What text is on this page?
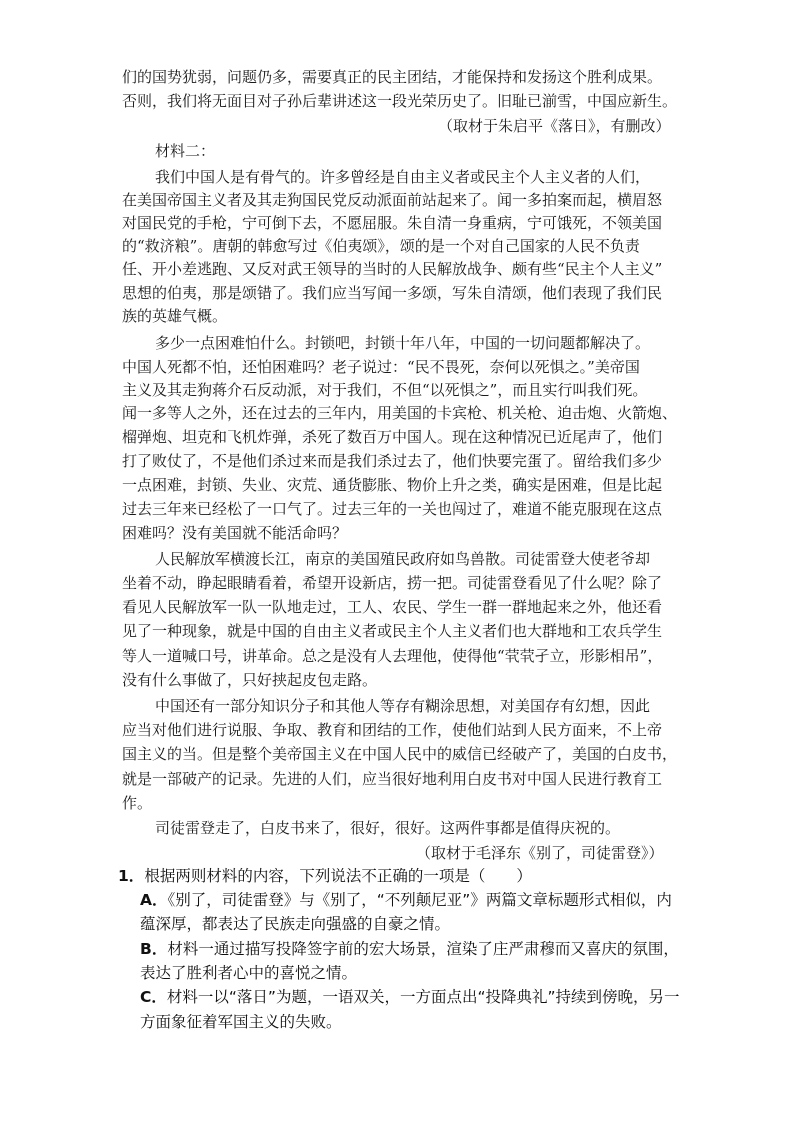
们的国势犹弱，问题仍多，需要真正的民主团结，才能保持和发扬这个胜利成果。
否则，我们将无面目对子孙后辈讲述这一段光荣历史了。旧耻已湔雪，中国应新生。
（取材于朱启平《落日》，有删改）
材料二：
我们中国人是有骨气的。许多曾经是自由主义者或民主个人主义者的人们，
在美国帝国主义者及其走狗国民党反动派面前站起来了。闻一多拍案而起，横眉怒
对国民党的手枪，宁可倒下去，不愿屈服。朱自清一身重病，宁可饿死，不领美国
的“救济粮”。唐朝的韩愈写过《伯夷颂》，颂的是一个对自己国家的人民不负责
任、开小差逃跑、又反对武王领导的当时的人民解放战争、颇有些“民主个人主义”
思想的伯夷，那是颂错了。我们应当写闻一多颂，写朱自清颂，他们表现了我们民
族的英雄气概。
多少一点困难怕什么。封锁吧，封锁十年八年，中国的一切问题都解决了。
中国人死都不怕，还怕困难吗？老子说过：“民不畏死，奈何以死惧之。”美帝国
主义及其走狗蒋介石反动派，对于我们，不但“以死惧之”，而且实行叫我们死。
闻一多等人之外，还在过去的三年内，用美国的卡宾枪、机关枪、迫击炮、火箭炮、
榴弹炮、坦克和飞机炸弹，杀死了数百万中国人。现在这种情况已近尾声了，他们
打了败仗了，不是他们杀过来而是我们杀过去了，他们快要完蛋了。留给我们多少
一点困难，封锁、失业、灾荒、通货膨胀、物价上升之类，确实是困难，但是比起
过去三年来已经松了一口气了。过去三年的一关也闯过了，难道不能克服现在这点
困难吗？没有美国就不能活命吗？
人民解放军横渡长江，南京的美国殖民政府如鸟兽散。司徒雷登大使老爷却
坐着不动，睁起眼睛看着，希望开设新店，捞一把。司徒雷登看见了什么呢？除了
看见人民解放军一队一队地走过，工人、农民、学生一群一群地起来之外，他还看
见了一种现象，就是中国的自由主义者或民主个人主义者们也大群地和工农兵学生
等人一道喊口号，讲革命。总之是没有人去理他，使得他“茕茕孑立，形影相吊”，
没有什么事做了，只好挟起皮包走路。
中国还有一部分知识分子和其他人等存有糊涂思想，对美国存有幻想，因此
应当对他们进行说服、争取、教育和团结的工作，使他们站到人民方面来，不上帝
国主义的当。但是整个美帝国主义在中国人民中的威信已经破产了，美国的白皮书，
就是一部破产的记录。先进的人们，应当很好地利用白皮书对中国人民进行教育工
作。
司徒雷登走了，白皮书来了，很好，很好。这两件事都是值得庆祝的。
（取材于毛泽东《别了，司徒雷登》）
1．根据两则材料的内容，下列说法不正确的一项是（　　）
A．《别了，司徒雷登》与《别了，“不列颠尼亚”》两篇文章标题形式相似，内
蕴深厚，都表达了民族走向强盛的自豪之情。
B．材料一通过描写投降签字前的宏大场景，渲染了庄严肃穆而又喜庆的氛围，
表达了胜利者心中的喜悦之情。
C．材料一以“落日”为题，一语双关，一方面点出“投降典礼”持续到傍晚，另一
方面象征着军国主义的失败。
